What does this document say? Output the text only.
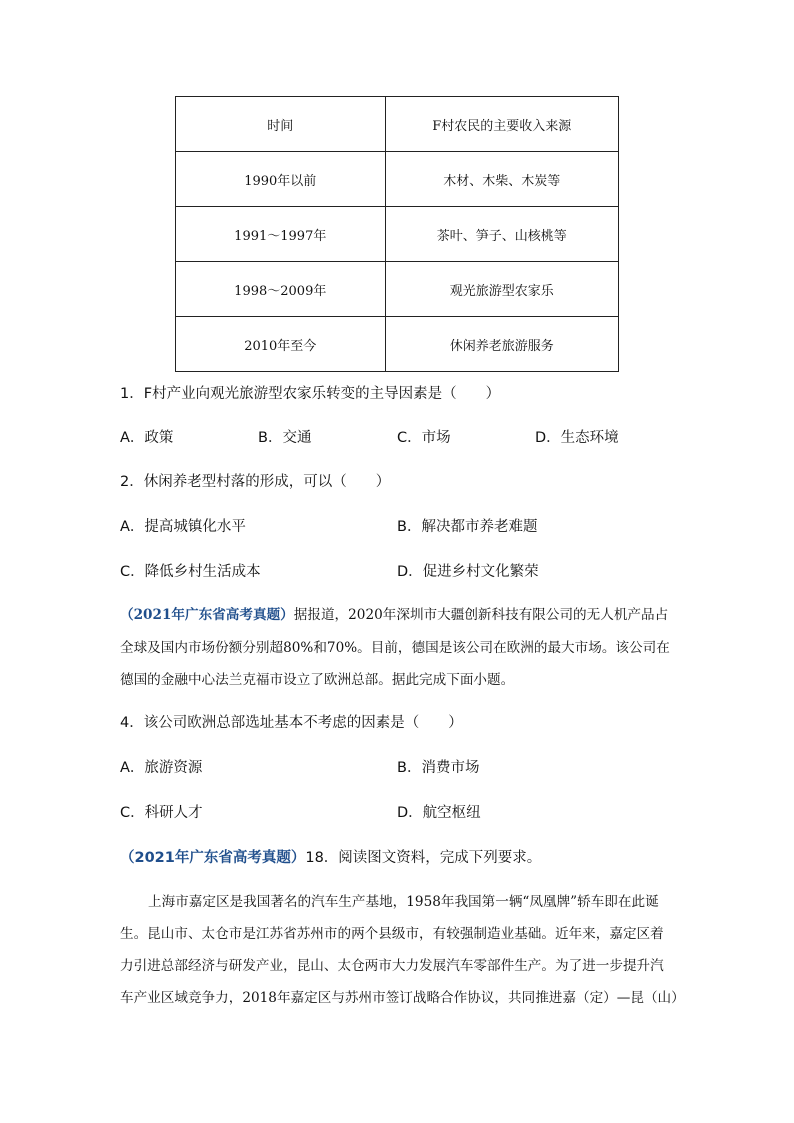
时间	F村农民的主要收入来源
1990年以前	木材、木柴、木炭等
1991～1997年	茶叶、笋子、山核桃等
1998～2009年	观光旅游型农家乐
2010年至今	休闲养老旅游服务
1．F村产业向观光旅游型农家乐转变的主导因素是（　　）
A．政策	B．交通	C．市场	D．生态环境
2．休闲养老型村落的形成，可以（　　）
A．提高城镇化水平	B．解决都市养老难题
C．降低乡村生活成本	D．促进乡村文化繁荣
（2021年广东省高考真题）据报道，2020年深圳市大疆创新科技有限公司的无人机产品占
全球及国内市场份额分别超80%和70%。目前，德国是该公司在欧洲的最大市场。该公司在
德国的金融中心法兰克福市设立了欧洲总部。据此完成下面小题。
4．该公司欧洲总部选址基本不考虑的因素是（　　）
A．旅游资源	B．消费市场
C．科研人才	D．航空枢纽
（2021年广东省高考真题）18．阅读图文资料，完成下列要求。
上海市嘉定区是我国著名的汽车生产基地，1958年我国第一辆“凤凰牌”轿车即在此诞
生。昆山市、太仓市是江苏省苏州市的两个县级市，有较强制造业基础。近年来，嘉定区着
力引进总部经济与研发产业，昆山、太仓两市大力发展汽车零部件生产。为了进一步提升汽
车产业区域竞争力，2018年嘉定区与苏州市签订战略合作协议，共同推进嘉（定）—昆（山）
